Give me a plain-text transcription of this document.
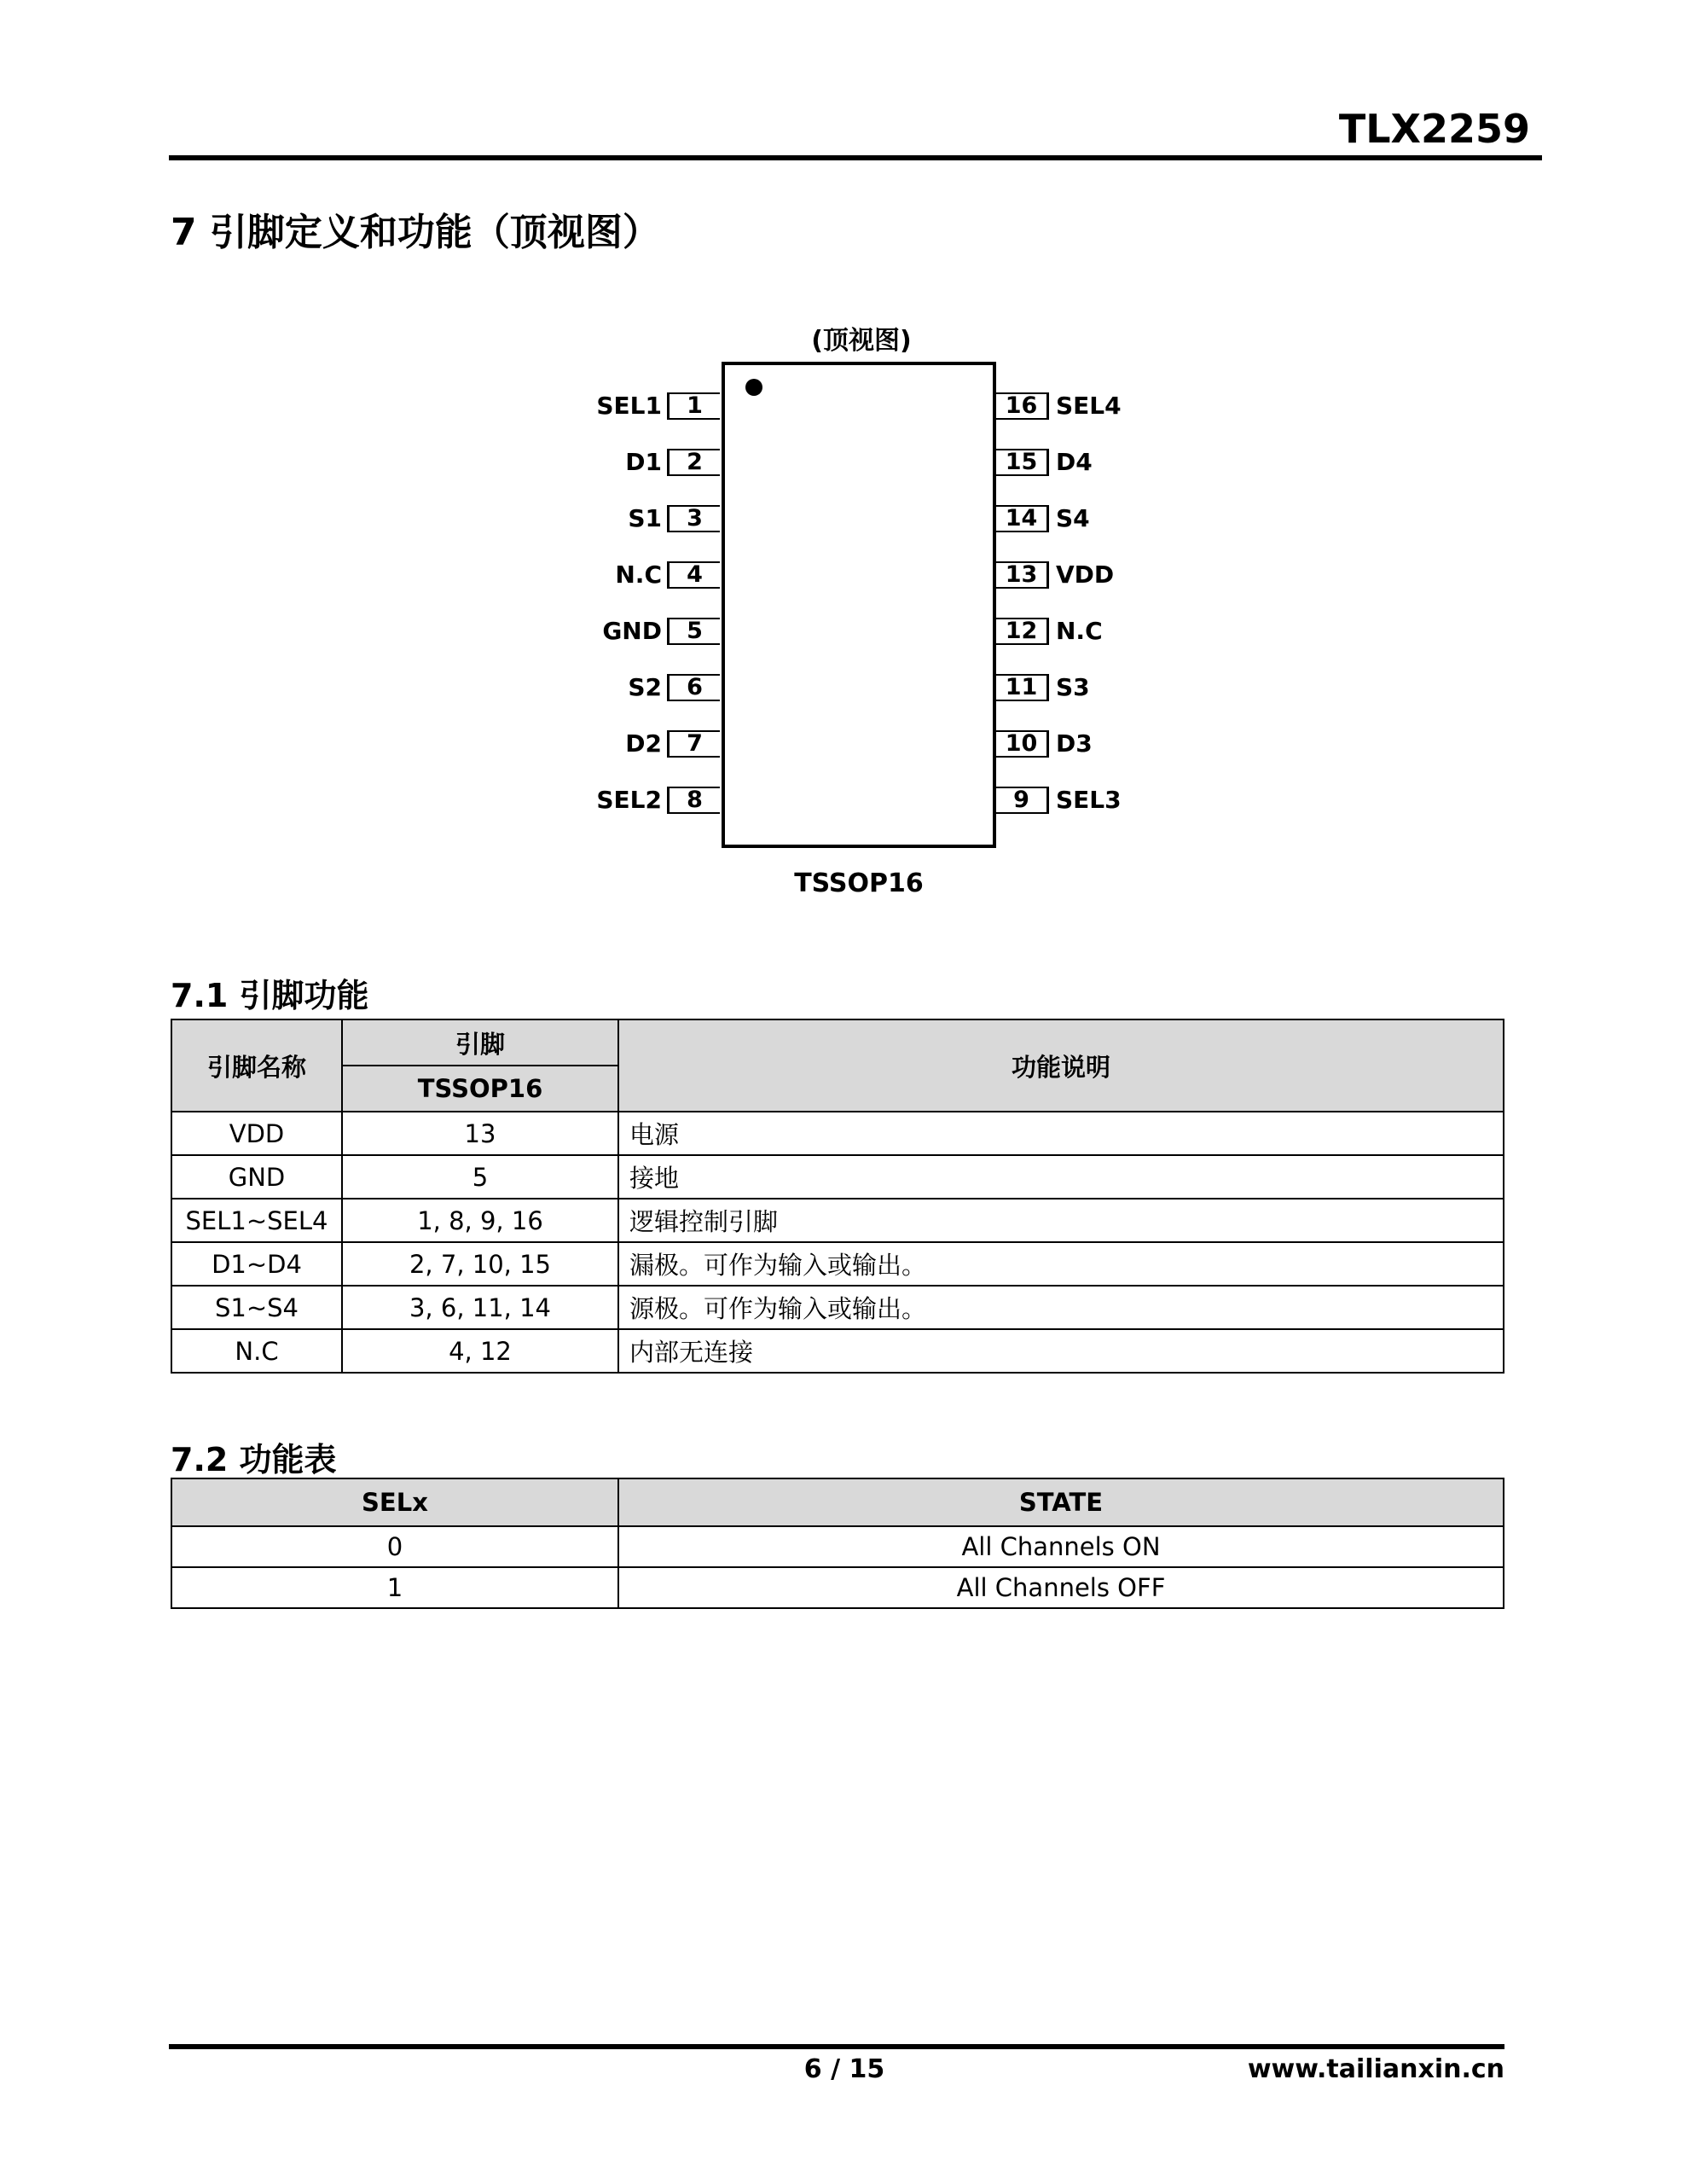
TLX2259
7 引脚定义和功能（顶视图）
(顶视图)
1
2
3
4
5
6
7
8
SEL1
D1
S1
N.C
GND
S2
D2
SEL2
16
15
14
13
12
11
10
9
SEL4
D4
S4
VDD
N.C
S3
D3
SEL3
TSSOP16
7.1 引脚功能
引脚名称	引脚	功能说明
	TSSOP16	
VDD	13	电源
GND	5	接地
SEL1~SEL4	1, 8, 9, 16	逻辑控制引脚
D1~D4	2, 7, 10, 15	漏极。可作为输入或输出。
S1~S4	3, 6, 11, 14	源极。可作为输入或输出。
N.C	4, 12	内部无连接
7.2 功能表
SELx	STATE
0	All Channels ON
1	All Channels OFF
6 / 15	www.tailianxin.cn
